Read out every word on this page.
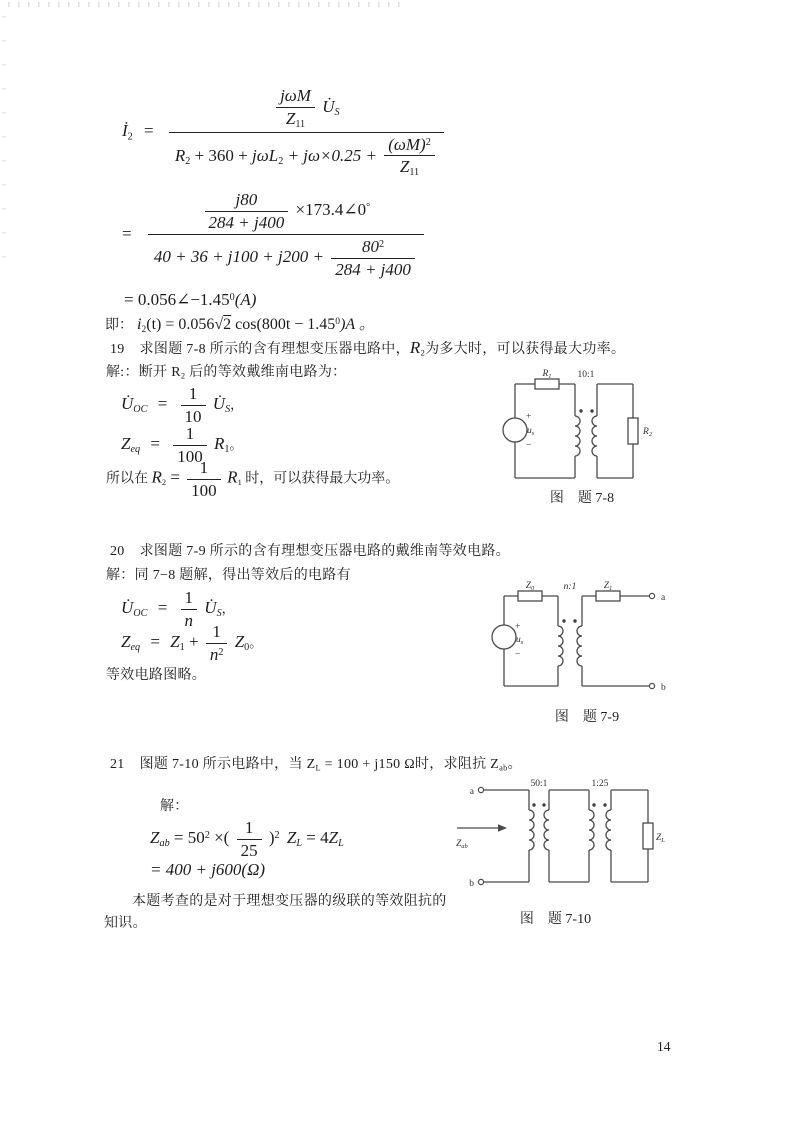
$İ_2$ =
$\frac{\text{jωM}}{Z_{11}}$ $U̇_S$
$R_2 + 360 + j\omega L_2 + j\omega\times 0.25 + \frac{(\omega M)^2}{Z_{11}}$
=
$\frac{j80}{284 + j400}$ ×173.4∠0°
$40 + 36 + j100 + j200 + \frac{80^2}{284 + j400}$
= $0.056\angle-1.45^0(A)$
即： $i_2(t) = 0.056√2$ $\cos(800t - 1.45^0)A$ 。
19 求图题 7-8 所示的含有理想变压器电路中，$R_2$为多大时，可以获得最大功率。
解:：断开 $R_2$ 后的等效戴维南电路为：
$U̇_{OC} = \frac{1}{10}$ $U̇_S$，
$Z_{eq} = \frac{1}{100} R_1$。
所以在 $R_2 = \frac{1}{100} R_1$ 时，可以获得最大功率。
$R_1$	10:1
+
$u_s$
−
$R_2$
图　题 7-8
20 求图题 7-9 所示的含有理想变压器电路的戴维南等效电路。
解：同 7−8 题解，得出等效后的电路有
$U̇_{OC} = \frac{1}{n}$ $U̇_S$，
$Z_{eq} = Z_1 + \frac{1}{n^2} Z_0$。
等效电路图略。
$Z_0$	n:1
+
$u_s$
−
$Z_1$
a
b
图　题 7-9
21 图题 7-10 所示电路中，当 $Z_L = 100 + j150$ Ω时，求阻抗 $Z_{ab}$。
解：
$Z_{ab} = 50^2$ ×( $\frac{1}{25} )^2$ $Z_L = 4Z_L$
= 400 + j600(Ω)
本题考查的是对于理想变压器的级联的等效阻抗的知识。
a
b
$Z_{ab}$
50:1	1:25
$Z_L$
图　题 7-10
14
